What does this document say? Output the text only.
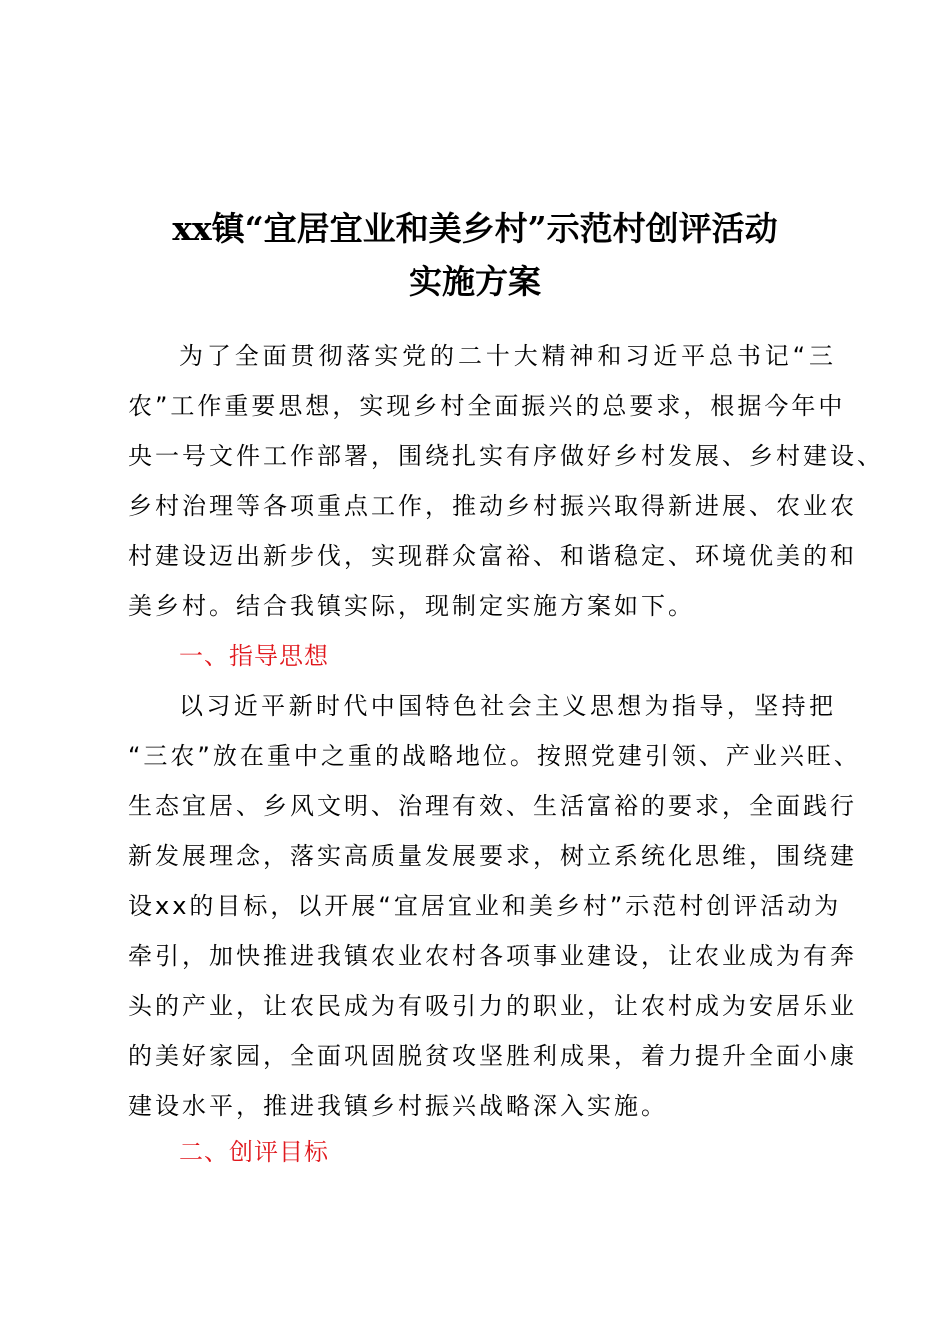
xx镇“宜居宜业和美乡村”示范村创评活动
实施方案
为了全面贯彻落实党的二十大精神和习近平总书记“三
农”工作重要思想，实现乡村全面振兴的总要求，根据今年中
央一号文件工作部署，围绕扎实有序做好乡村发展、乡村建设、
乡村治理等各项重点工作，推动乡村振兴取得新进展、农业农
村建设迈出新步伐，实现群众富裕、和谐稳定、环境优美的和
美乡村。结合我镇实际，现制定实施方案如下。
一、指导思想
以习近平新时代中国特色社会主义思想为指导，坚持把
“三农”放在重中之重的战略地位。按照党建引领、产业兴旺、
生态宜居、乡风文明、治理有效、生活富裕的要求，全面践行
新发展理念，落实高质量发展要求，树立系统化思维，围绕建
设xx的目标，以开展“宜居宜业和美乡村”示范村创评活动为
牵引，加快推进我镇农业农村各项事业建设，让农业成为有奔
头的产业，让农民成为有吸引力的职业，让农村成为安居乐业
的美好家园，全面巩固脱贫攻坚胜利成果，着力提升全面小康
建设水平，推进我镇乡村振兴战略深入实施。
二、创评目标
